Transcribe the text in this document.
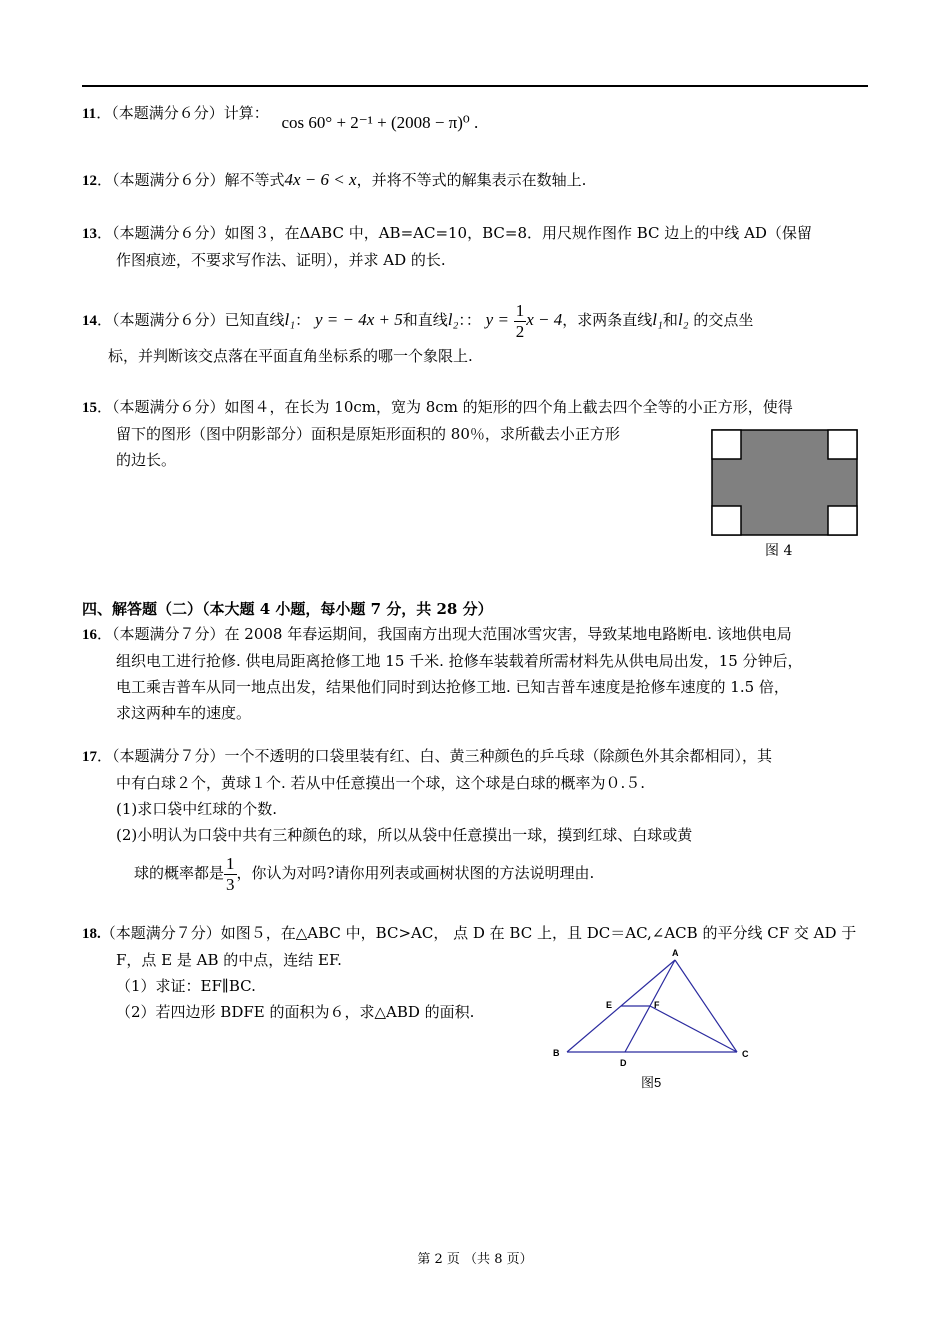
11．（本题满分６分）计算： cos 60° + 2⁻¹ + (2008 − π)⁰ .
12．（本题满分６分）解不等式4x − 6 < x，并将不等式的解集表示在数轴上.
13．（本题满分６分）如图３，在ΔABC 中，AB=AC=10，BC=8．用尺规作图作 BC 边上的中线 AD（保留
作图痕迹，不要求写作法、证明），并求 AD 的长.
14．（本题满分６分）已知直线l₁： y = − 4x + 5和直线l₂：： $y = \frac{1}{2}$ x − 4，求两条直线l₁和l₂ 的交点坐
标，并判断该交点落在平面直角坐标系的哪一个象限上.
15．（本题满分６分）如图４，在长为 10cm，宽为 8cm 的矩形的四个角上截去四个全等的小正方形，使得
留下的图形（图中阴影部分）面积是原矩形面积的 80％，求所截去小正方形
的边长。
图 4
四、解答题（二）（本大题 4 小题，每小题 7 分，共 28 分）
16．（本题满分７分）在 2008 年春运期间，我国南方出现大范围冰雪灾害，导致某地电路断电. 该地供电局
组织电工进行抢修. 供电局距离抢修工地 15 千米. 抢修车装载着所需材料先从供电局出发，15 分钟后，
电工乘吉普车从同一地点出发，结果他们同时到达抢修工地. 已知吉普车速度是抢修车速度的 1.5 倍，
求这两种车的速度。
17．（本题满分７分）一个不透明的口袋里装有红、白、黄三种颜色的乒乓球（除颜色外其余都相同），其
中有白球２个，黄球１个. 若从中任意摸出一个球，这个球是白球的概率为０.５.
(1)求口袋中红球的个数.
(2)小明认为口袋中共有三种颜色的球，所以从袋中任意摸出一球，摸到红球、白球或黄
球的概率都是 $\frac{1}{3}$ ，你认为对吗?请你用列表或画树状图的方法说明理由.
18.（本题满分７分）如图５，在△ABC 中，BC>AC， 点 D 在 BC 上，且 DC＝AC,∠ACB 的平分线 CF 交 AD 于
F，点 E 是 AB 的中点，连结 EF.
（1）求证：EF∥BC.
（2）若四边形 BDFE 的面积为６，求△ABD 的面积.
A
B	C
D
E	F
图5
第 2 页 （共 8 页）
